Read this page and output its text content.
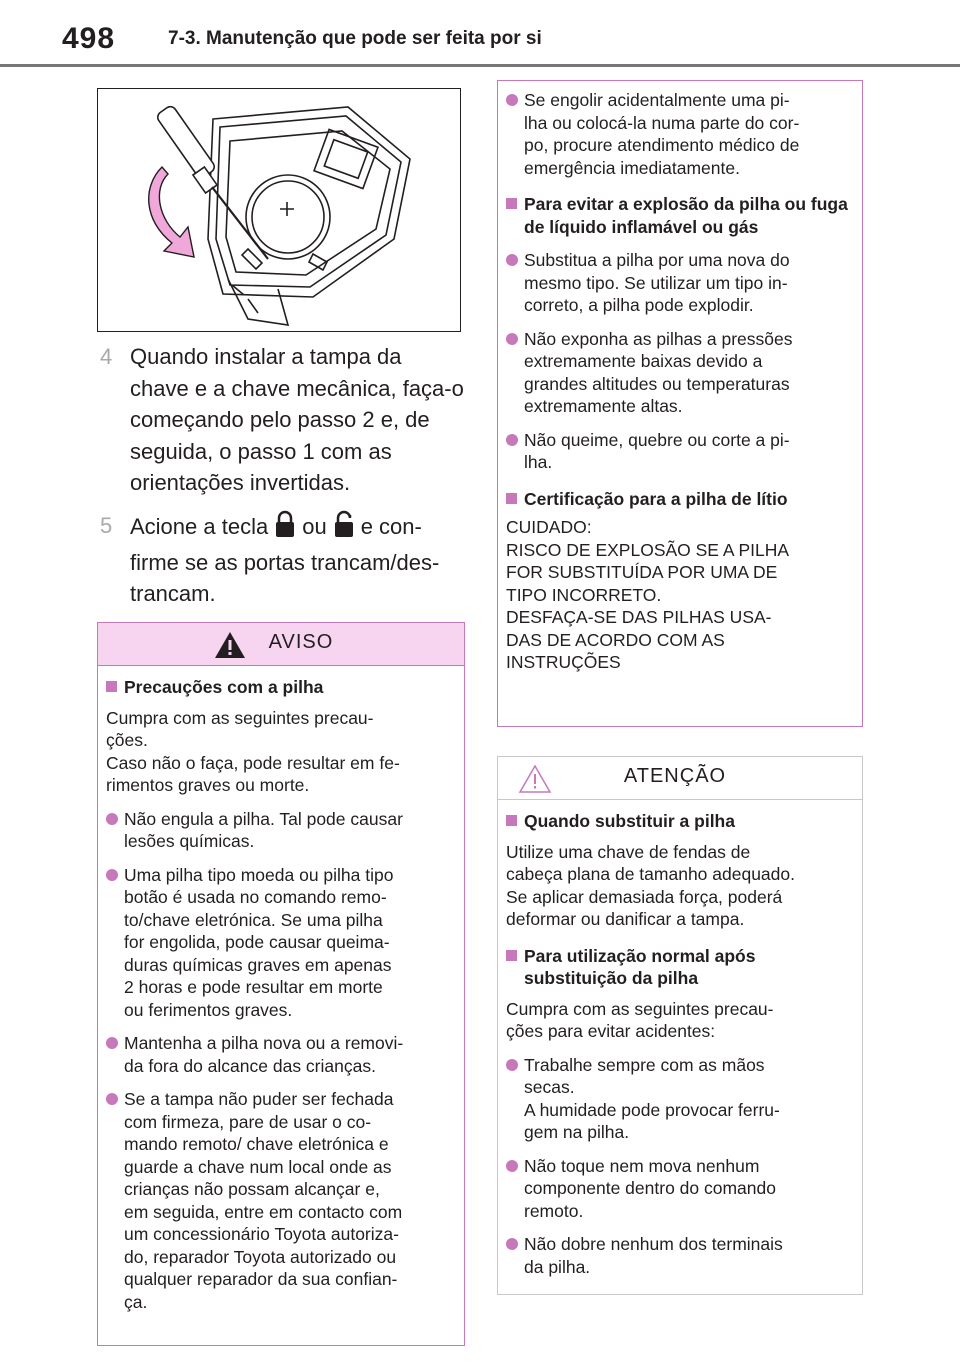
498	7-3. Manutenção que pode ser feita por si
4 Quando instalar a tampa da chave e a chave mecânica, faça-o começando pelo passo 2 e, de seguida, o passo 1 com as orientações invertidas.
5 Acione a tecla ou e con-firme se as portas trancam/des-trancam.
AVISO
Precauções com a pilha
Cumpra com as seguintes precau-
ções.
Caso não o faça, pode resultar em fe-
rimentos graves ou morte.
Não engula a pilha. Tal pode causar
lesões químicas.
Uma pilha tipo moeda ou pilha tipo
botão é usada no comando remo-
to/chave eletrónica. Se uma pilha
for engolida, pode causar queima-
duras químicas graves em apenas
2 horas e pode resultar em morte
ou ferimentos graves.
Mantenha a pilha nova ou a removi-
da fora do alcance das crianças.
Se a tampa não puder ser fechada
com firmeza, pare de usar o co-
mando remoto/ chave eletrónica e
guarde a chave num local onde as
crianças não possam alcançar e,
em seguida, entre em contacto com
um concessionário Toyota autoriza-
do, reparador Toyota autorizado ou
qualquer reparador da sua confian-
ça.
Se engolir acidentalmente uma pi-
lha ou colocá-la numa parte do cor-
po, procure atendimento médico de
emergência imediatamente.
Para evitar a explosão da pilha ou fuga de líquido inflamável ou gás
Substitua a pilha por uma nova do
mesmo tipo. Se utilizar um tipo in-
correto, a pilha pode explodir.
Não exponha as pilhas a pressões
extremamente baixas devido a
grandes altitudes ou temperaturas
extremamente altas.
Não queime, quebre ou corte a pi-
lha.
Certificação para a pilha de lítio
CUIDADO:
RISCO DE EXPLOSÃO SE A PILHA
FOR SUBSTITUÍDA POR UMA DE
TIPO INCORRETO.
DESFAÇA-SE DAS PILHAS USA-
DAS DE ACORDO COM AS
INSTRUÇÕES
ATENÇÃO
Quando substituir a pilha
Utilize uma chave de fendas de
cabeça plana de tamanho adequado.
Se aplicar demasiada força, poderá
deformar ou danificar a tampa.
Para utilização normal após substituição da pilha
Cumpra com as seguintes precau-
ções para evitar acidentes:
Trabalhe sempre com as mãos
secas.
A humidade pode provocar ferru-
gem na pilha.
Não toque nem mova nenhum
componente dentro do comando
remoto.
Não dobre nenhum dos terminais
da pilha.
